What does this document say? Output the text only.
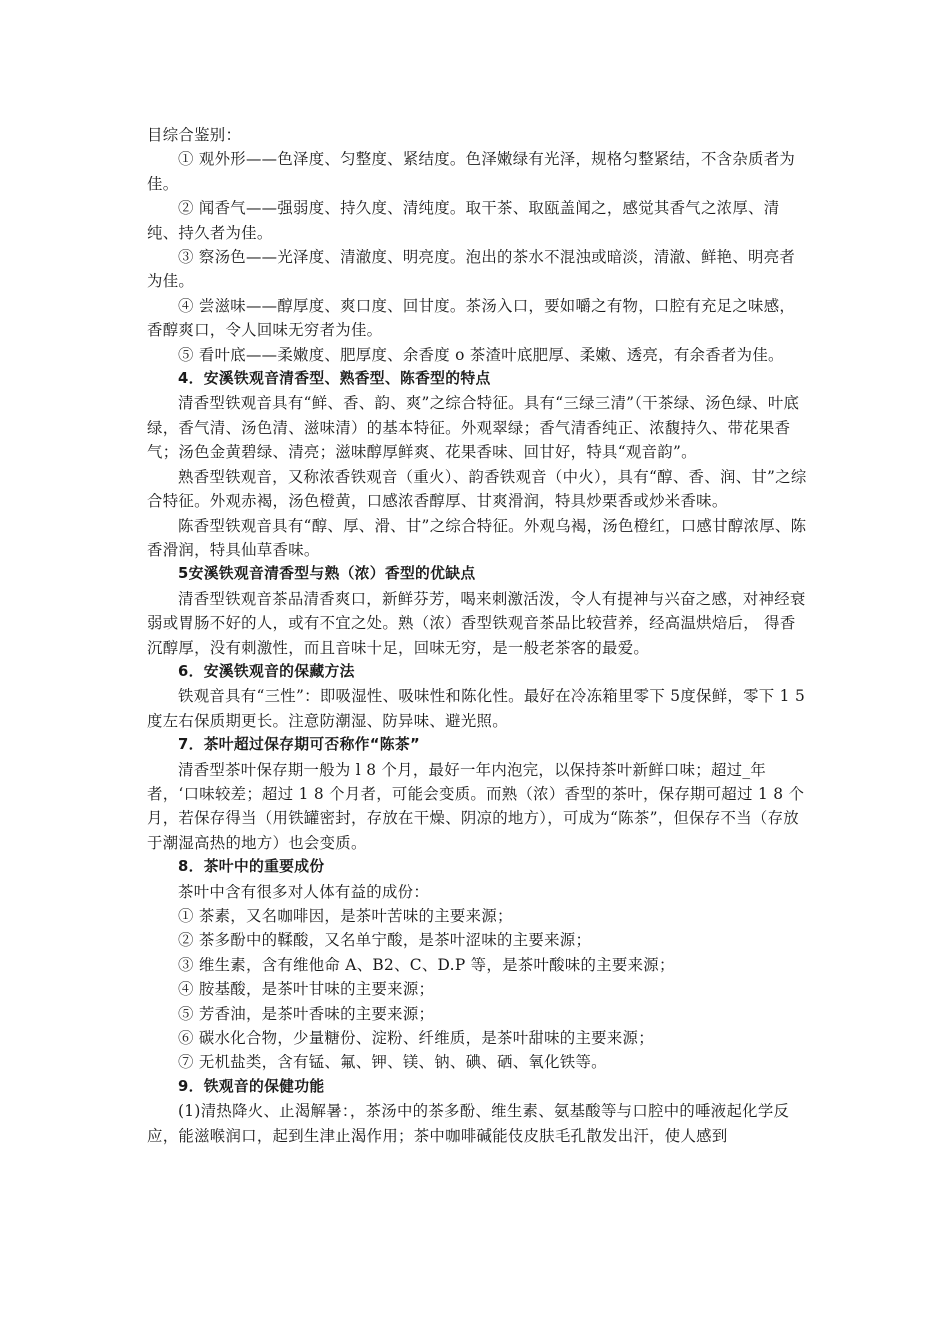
目综合鉴别：

① 观外形——色泽度、匀整度、紧结度。色泽嫩绿有光泽，规格匀整紧结，不含杂质者为佳。

② 闻香气——强弱度、持久度、清纯度。取干茶、取瓯盖闻之，感觉其香气之浓厚、清纯、持久者为佳。

③ 察汤色——光泽度、清澈度、明亮度。泡出的茶水不混浊或暗淡，清澈、鲜艳、明亮者为佳。

④ 尝滋味——醇厚度、爽口度、回甘度。茶汤入口，要如嚼之有物，口腔有充足之味感，香醇爽口，令人回味无穷者为佳。

⑤ 看叶底——柔嫩度、肥厚度、余香度 o 茶渣叶底肥厚、柔嫩、透亮，有余香者为佳。

4．安溪铁观音清香型、熟香型、陈香型的特点

清香型铁观音具有“鲜、香、韵、爽”之综合特征。具有“三绿三清”（干茶绿、汤色绿、叶底绿，香气清、汤色清、滋味清）的基本特征。外观翠绿；香气清香纯正、浓馥持久、带花果香气；汤色金黄碧绿、清亮；滋味醇厚鲜爽、花果香味、回甘好，特具“观音韵”。

熟香型铁观音，又称浓香铁观音（重火）、韵香铁观音（中火），具有“醇、香、润、甘”之综合特征。外观赤褐，汤色橙黄，口感浓香醇厚、甘爽滑润，特具炒栗香或炒米香味。

陈香型铁观音具有“醇、厚、滑、甘”之综合特征。外观乌褐，汤色橙红，口感甘醇浓厚、陈香滑润，特具仙草香味。

5安溪铁观音清香型与熟（浓）香型的优缺点

清香型铁观音茶品清香爽口，新鲜芬芳，喝来刺激活泼，令人有提神与兴奋之感，对神经衰弱或胃肠不好的人，或有不宜之处。熟（浓）香型铁观音茶品比较营养，经高温烘焙后， 得香沉醇厚，没有刺激性，而且音味十足，回味无穷，是一般老茶客的最爱。

6．安溪铁观音的保藏方法

铁观音具有“三性”：即吸湿性、吸味性和陈化性。最好在冷冻箱里零下 5度保鲜，零下 1 5 度左右保质期更长。注意防潮湿、防异味、避光照。

7．茶叶超过保存期可否称作“陈茶”

清香型茶叶保存期一般为 l 8 个月，最好一年内泡完，以保持茶叶新鲜口味；超过_年者，‘口味较差；超过 1 8 个月者，可能会变质。而熟（浓）香型的茶叶，保存期可超过 1 8 个月，若保存得当（用铁罐密封，存放在干燥、阴凉的地方），可成为“陈茶”，但保存不当（存放于潮湿高热的地方）也会变质。

8．茶叶中的重要成份

茶叶中含有很多对人体有益的成份：

① 茶素，又名咖啡因，是茶叶苦味的主要来源；

② 茶多酚中的鞣酸，又名单宁酸，是茶叶涩味的主要来源；

③ 维生素，含有维他命 A、B2、C、D.P 等，是茶叶酸味的主要来源；

④ 胺基酸，是茶叶甘味的主要来源；

⑤ 芳香油，是茶叶香味的主要来源；

⑥ 碳水化合物，少量糖份、淀粉、纤维质，是茶叶甜味的主要来源；

⑦ 无机盐类，含有锰、氟、钾、镁、钠、碘、硒、氧化铁等。

9．铁观音的保健功能

(1)清热降火、止渴解暑：，茶汤中的茶多酚、维生素、氨基酸等与口腔中的唾液起化学反应，能滋喉润口，起到生津止渴作用；茶中咖啡碱能伎皮肤毛孔散发出汗，使人感到
